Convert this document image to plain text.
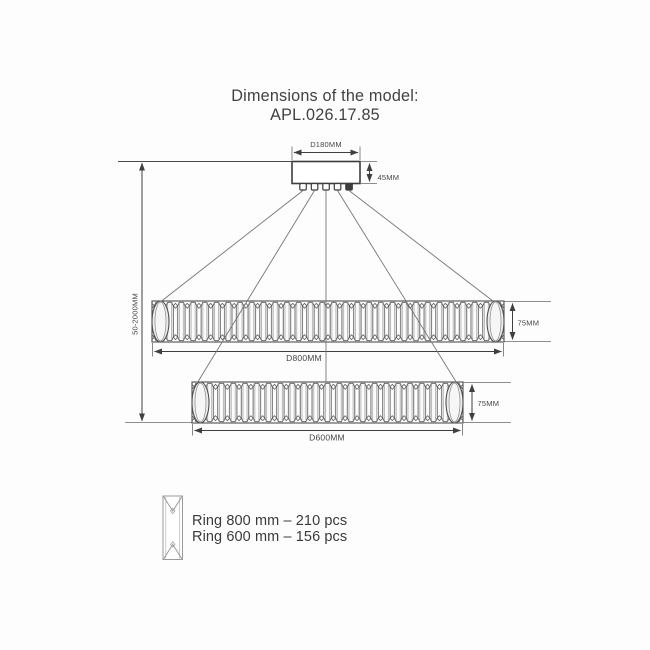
Dimensions of the model:
APL.026.17.85
D180MM
45MM
50-2000MM	75MM
D800MM
75MM
D600MM
Ring 800 mm – 210 pcs
Ring 600 mm – 156 pcs
